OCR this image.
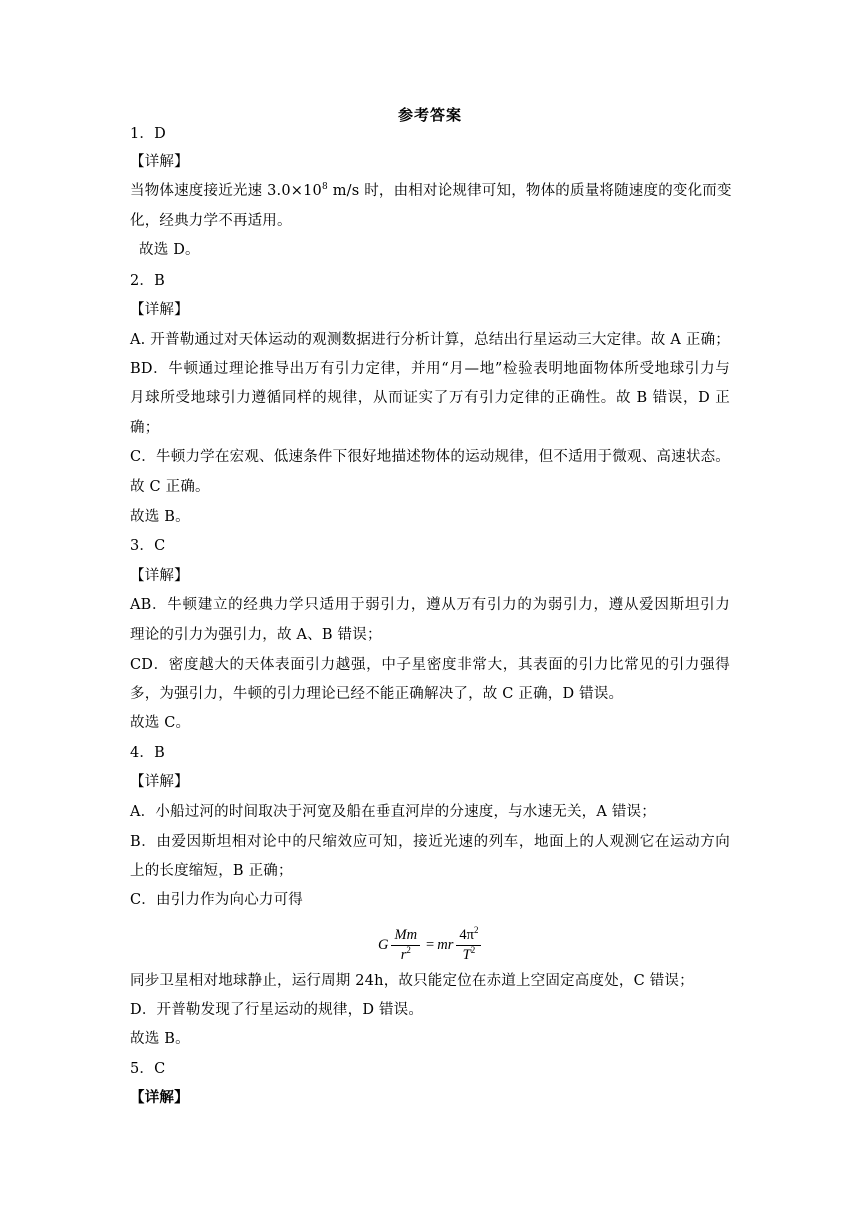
参考答案
1．D
【详解】
当物体速度接近光速 $3.0\times 10^8$ m/s 时，由相对论规律可知，物体的质量将随速度的变化而变
化，经典力学不再适用。
故选 D。
2．B
【详解】
A. 开普勒通过对天体运动的观测数据进行分析计算，总结出行星运动三大定律。故 A 正确；
BD．牛顿通过理论推导出万有引力定律，并用“月—地”检验表明地面物体所受地球引力与
月球所受地球引力遵循同样的规律，从而证实了万有引力定律的正确性。故 B 错误，D 正
确；
C．牛顿力学在宏观、低速条件下很好地描述物体的运动规律，但不适用于微观、高速状态。
故 C 正确。
故选 B。
3．C
【详解】
AB．牛顿建立的经典力学只适用于弱引力，遵从万有引力的为弱引力，遵从爱因斯坦引力
理论的引力为强引力，故 A、B 错误；
CD．密度越大的天体表面引力越强，中子星密度非常大，其表面的引力比常见的引力强得
多，为强引力，牛顿的引力理论已经不能正确解决了，故 C 正确，D 错误。
故选 C。
4．B
【详解】
A．小船过河的时间取决于河宽及船在垂直河岸的分速度，与水速无关，A 错误；
B．由爱因斯坦相对论中的尺缩效应可知，接近光速的列车，地面上的人观测它在运动方向
上的长度缩短，B 正确；
C．由引力作为向心力可得
G $\frac{Mm}{r^2}$ = mr $\frac{4\pi^2}{T^2}$
同步卫星相对地球静止，运行周期 24h，故只能定位在赤道上空固定高度处，C 错误；
D．开普勒发现了行星运动的规律，D 错误。
故选 B。
5．C
【详解】
